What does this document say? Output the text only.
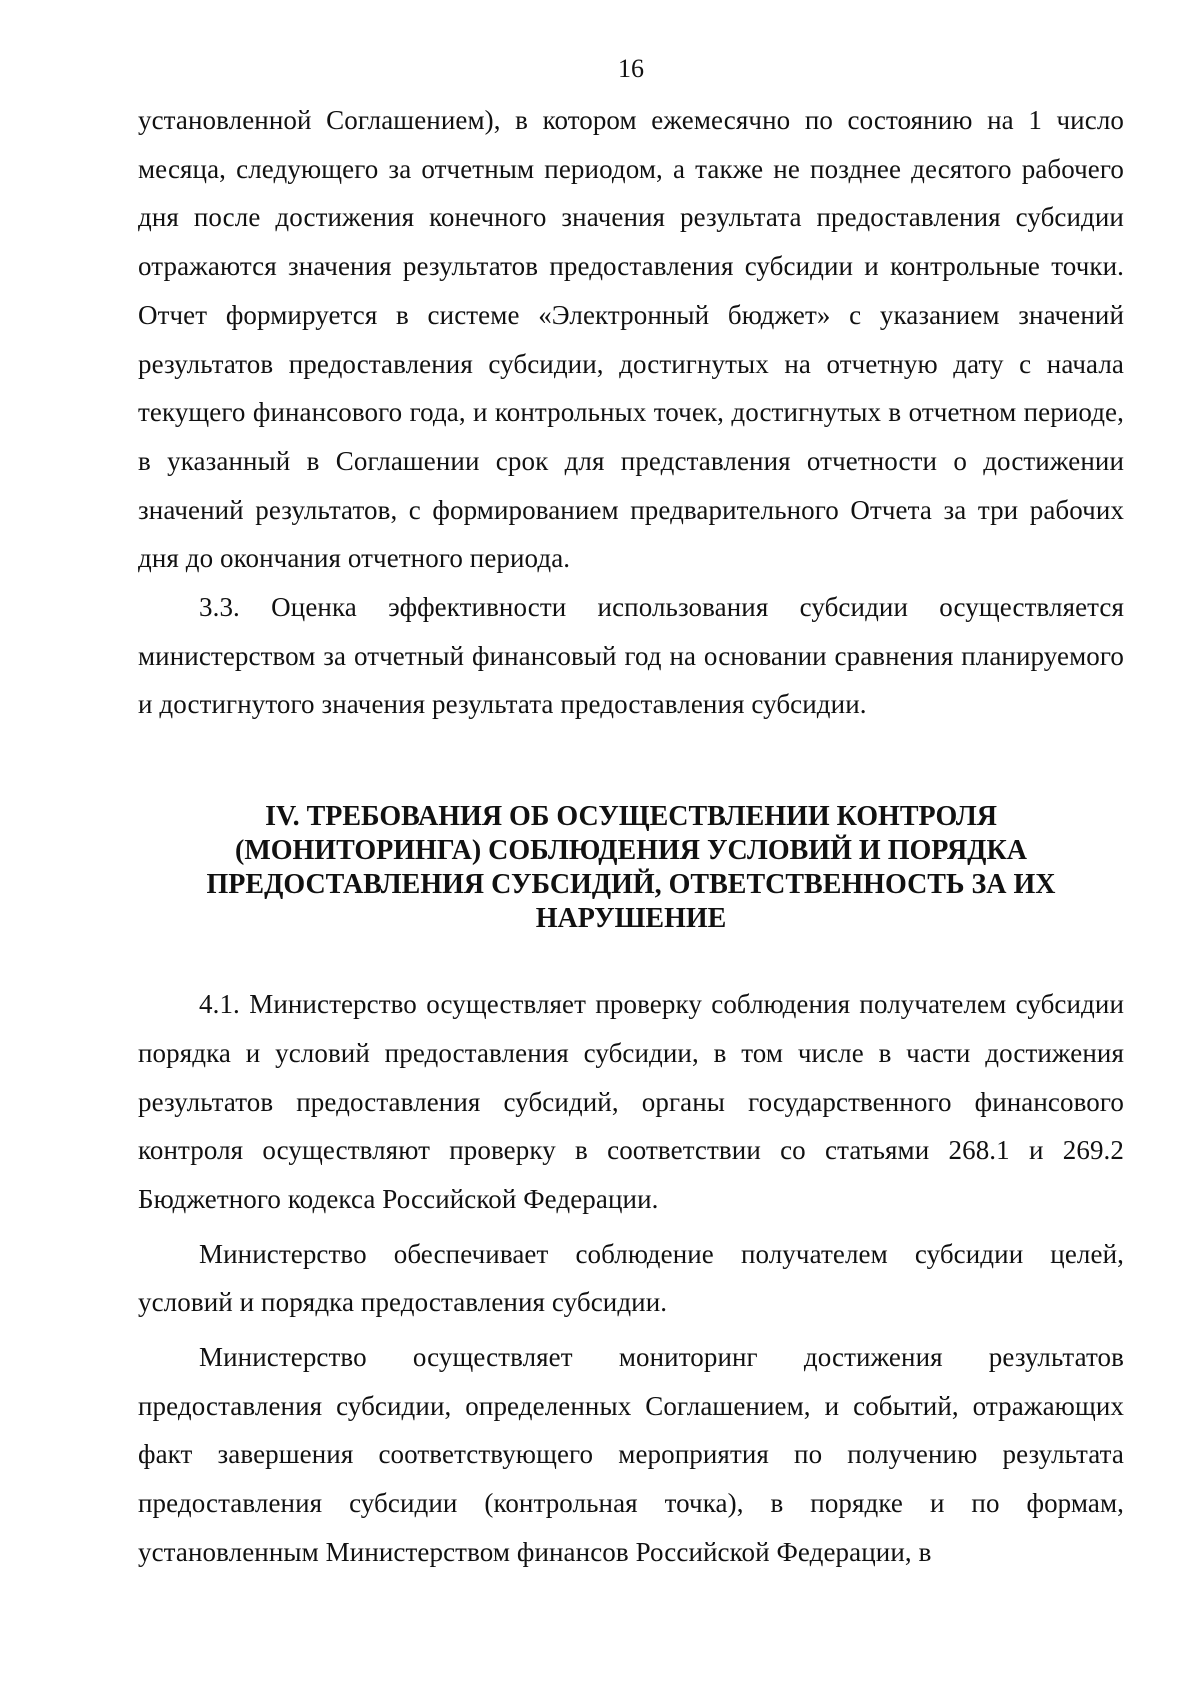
16

установленной Соглашением), в котором ежемесячно по состоянию на 1 число месяца, следующего за отчетным периодом, а также не позднее десятого рабочего дня после достижения конечного значения результата предоставления субсидии отражаются значения результатов предоставления субсидии и контрольные точки. Отчет формируется в системе «Электронный бюджет» с указанием значений результатов предоставления субсидии, достигнутых на отчетную дату с начала текущего финансового года, и контрольных точек, достигнутых в отчетном периоде, в указанный в Соглашении срок для представления отчетности о достижении значений результатов, с формированием предварительного Отчета за три рабочих дня до окончания отчетного периода.

3.3. Оценка эффективности использования субсидии осуществляется министерством за отчетный финансовый год на основании сравнения планируемого и достигнутого значения результата предоставления субсидии.

IV. ТРЕБОВАНИЯ ОБ ОСУЩЕСТВЛЕНИИ КОНТРОЛЯ (МОНИТОРИНГА) СОБЛЮДЕНИЯ УСЛОВИЙ И ПОРЯДКА ПРЕДОСТАВЛЕНИЯ СУБСИДИЙ, ОТВЕТСТВЕННОСТЬ ЗА ИХ НАРУШЕНИЕ

4.1. Министерство осуществляет проверку соблюдения получателем субсидии порядка и условий предоставления субсидии, в том числе в части достижения результатов предоставления субсидий, органы государственного финансового контроля осуществляют проверку в соответствии со статьями 268.1 и 269.2 Бюджетного кодекса Российской Федерации.

Министерство обеспечивает соблюдение получателем субсидии целей, условий и порядка предоставления субсидии.

Министерство осуществляет мониторинг достижения результатов предоставления субсидии, определенных Соглашением, и событий, отражающих факт завершения соответствующего мероприятия по получению результата предоставления субсидии (контрольная точка), в порядке и по формам, установленным Министерством финансов Российской Федерации, в
